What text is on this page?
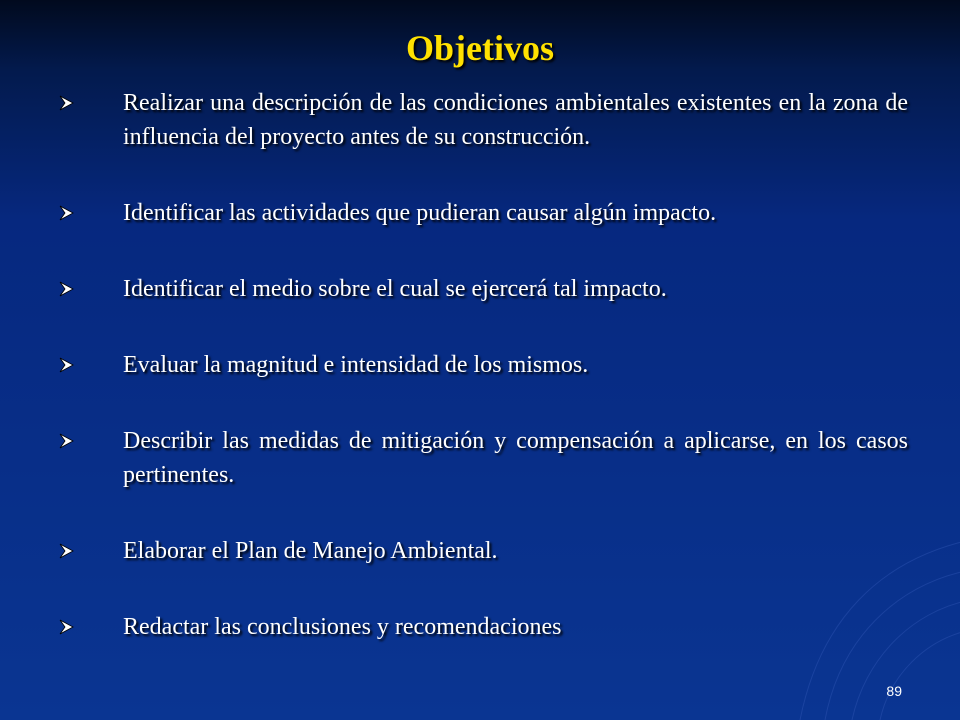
Objetivos
Realizar una descripción de las condiciones ambientales existentes en la zona de influencia del proyecto antes de su construcción.
Identificar las actividades que pudieran causar algún impacto.
Identificar el medio sobre el cual se ejercerá tal impacto.
Evaluar la magnitud e intensidad de los mismos.
Describir las medidas de mitigación y compensación a aplicarse, en los casos pertinentes.
Elaborar el Plan de Manejo Ambiental.
Redactar las conclusiones y recomendaciones
89
